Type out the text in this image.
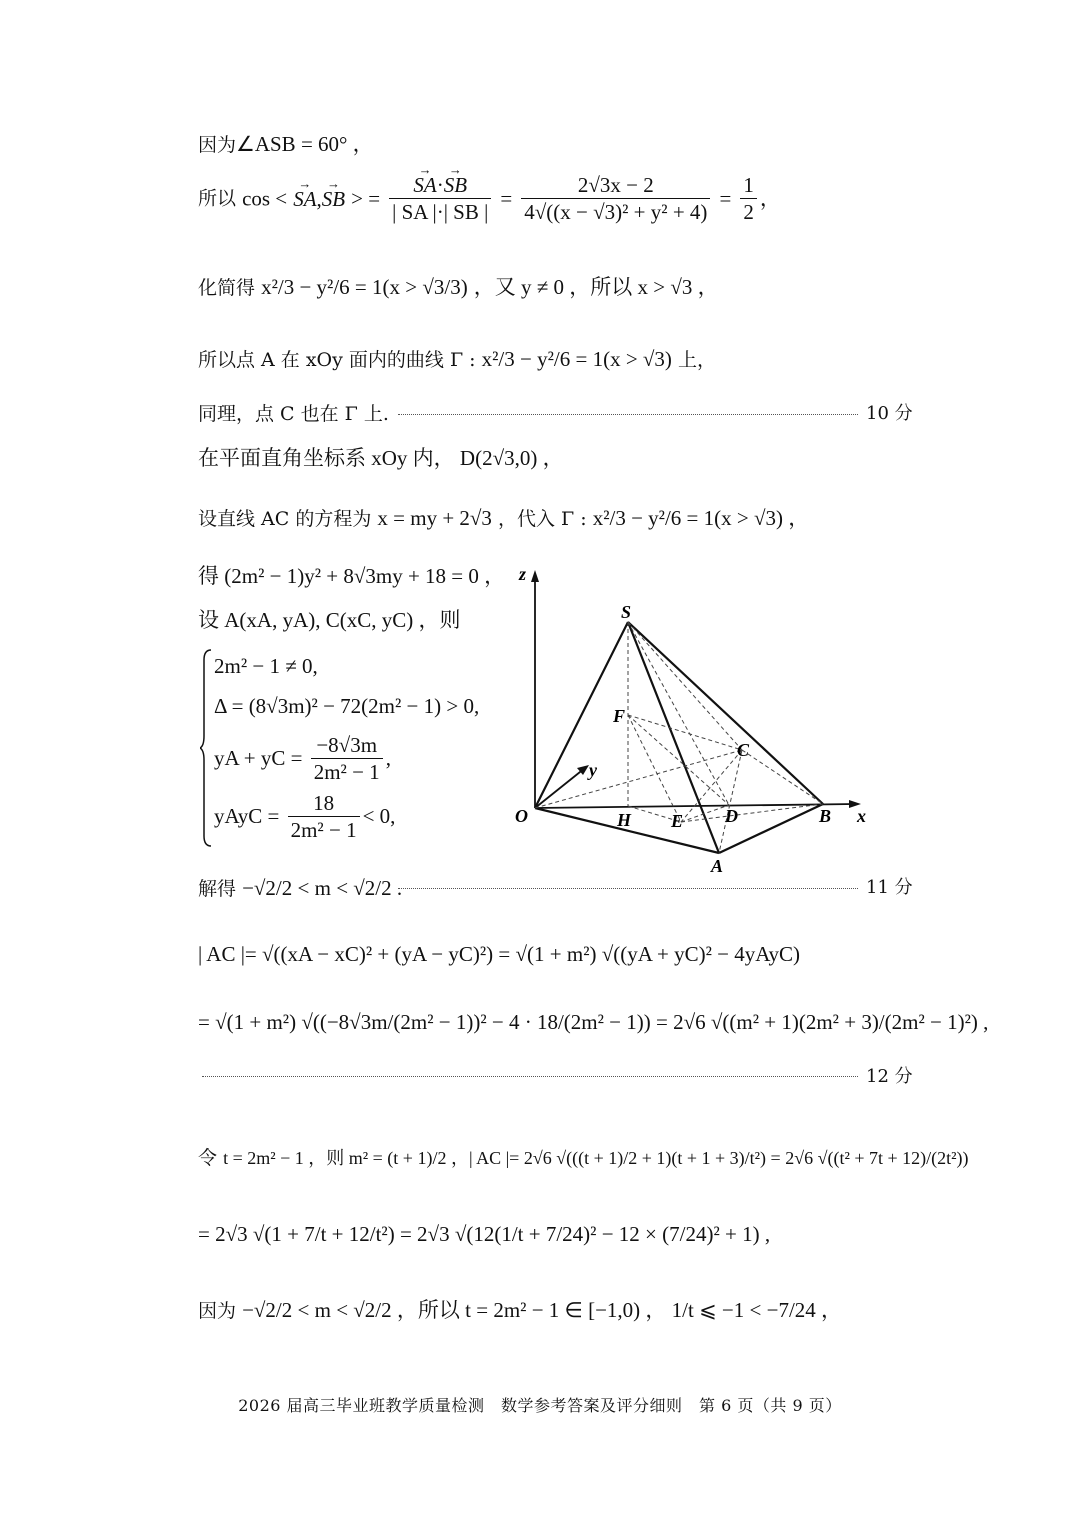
因为∠ASB = 60° ，
所以 cos < → SA,→ SB > = → $\frac{SA\cdot\to SB}{| SA |\cdot| SB |} = \frac{2√3x - 2}{\text{4√((x − √3)² + y² + 4)}} = \frac{1}{2}$ ，
化简得 x²/3 − y²/6 = 1(x > √3/3) ，又 y ≠ 0 ，所以 x > √3 ，
所以点 A 在 xOy 面内的曲线 Γ : x²/3 − y²/6 = 1(x > √3) 上，
同理，点 C 也在 Γ 上.	10 分
在平面直角坐标系 xOy 内， D(2√3,0) ，
设直线 AC 的方程为 x = my + 2√3 ，代入 Γ : x²/3 − y²/6 = 1(x > √3) ，
得 (2m² − 1)y² + 8√3my + 18 = 0 ，
设 A(xA, yA), C(xC, yC) ，则
2m² − 1 ≠ 0,
Δ = (8√3m)² − 72(2m² − 1) > 0,
yA + yC = $\frac{-8√3m}{\text{2m² − 1}}$ ,
yAyC = $\frac{18}{\text{2m² − 1}} < 0$,
z
y
x
O
S
F
C
H E D	B
A
解得 −√2/2 < m < √2/2 .	11 分
| AC |= √((xA − xC)² + (yA − yC)²) = √(1 + m²) √((yA + yC)² − 4yAyC)
= √(1 + m²) √((−8√3m/(2m² − 1))² − 4 · 18/(2m² − 1)) = 2√6 √((m² + 1)(2m² + 3)/(2m² − 1)²) ,
12 分
令 t = 2m² − 1 ，则 m² = (t + 1)/2 ，| AC |= 2√6 √(((t + 1)/2 + 1)(t + 1 + 3)/t²) = 2√6 √((t² + 7t + 12)/(2t²))
= 2√3 √(1 + 7/t + 12/t²) = 2√3 √(12(1/t + 7/24)² − 12 × (7/24)² + 1) ,
因为 −√2/2 < m < √2/2 ，所以 t = 2m² − 1 ∈ [−1,0) ， 1/t ⩽ −1 < −7/24 ，
2026 届高三毕业班教学质量检测　数学参考答案及评分细则　第 6 页（共 9 页）
